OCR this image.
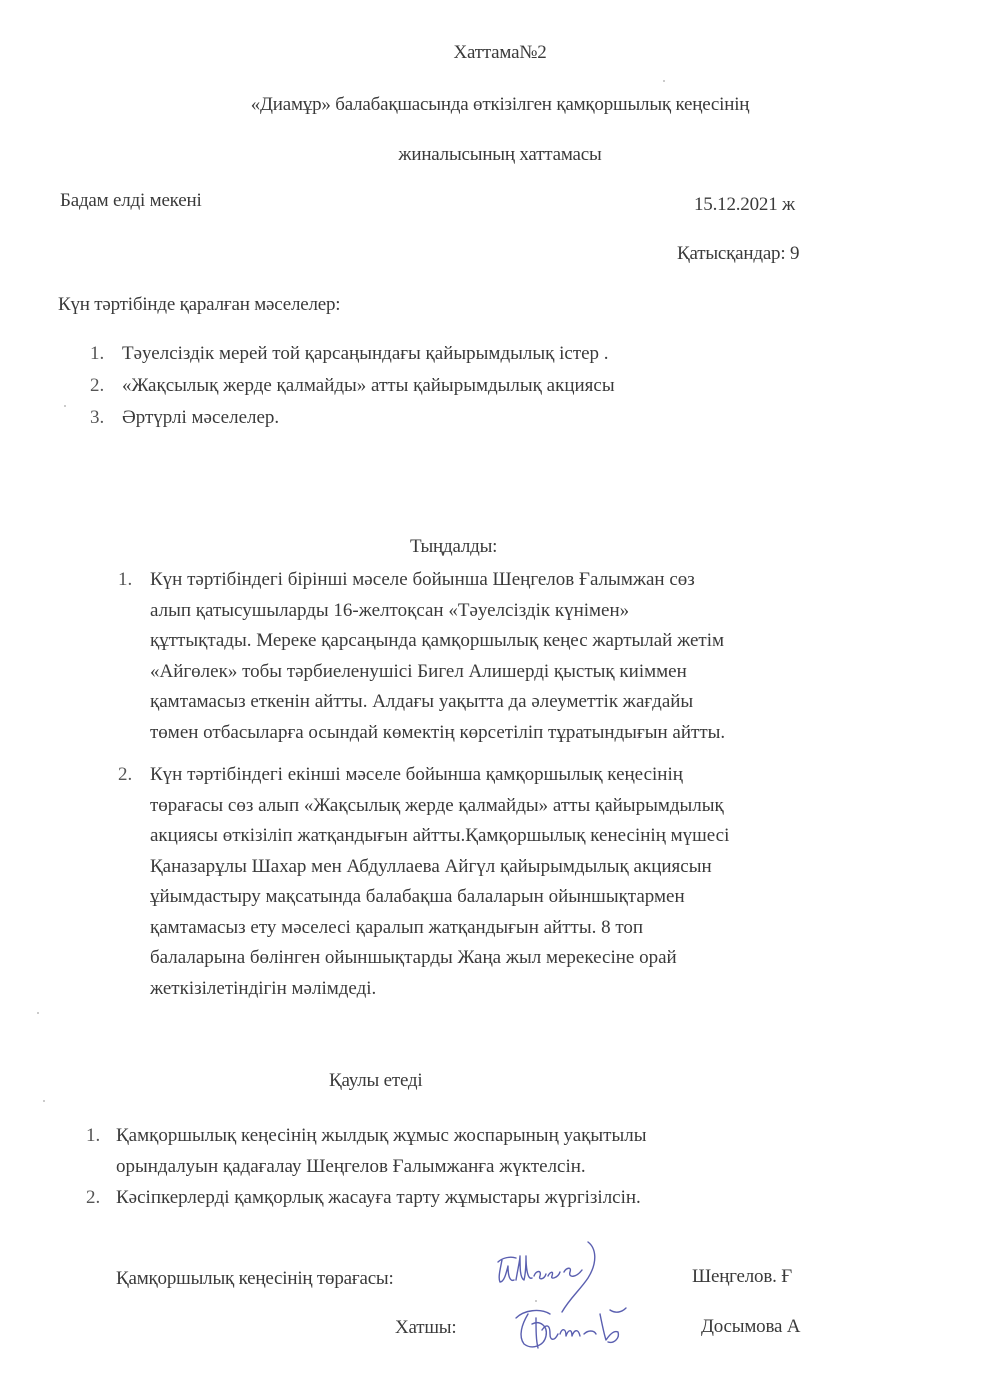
Хаттама№2
«Диамұр» балабақшасында өткізілген қамқоршылық кеңесінің
жиналысының хаттамасы
Бадам елді мекені	15.12.2021 ж
Қатысқандар: 9
Күн тәртібінде қаралған мәселелер:
1. Тәуелсіздік мерей той қарсаңындағы қайырымдылық істер .
2. «Жақсылық жерде қалмайды» атты қайырымдылық акциясы
3. Әртүрлі мәселелер.
Тыңдалды:
1. Күн тәртібіндегі бірінші мәселе бойынша Шеңгелов Ғалымжан сөз
алып қатысушыларды 16-желтоқсан «Тәуелсіздік күнімен»
құттықтады. Мереке қарсаңында қамқоршылық кеңес жартылай жетім
«Айгөлек» тобы тәрбиеленушісі Бигел Алишерді қыстық киіммен
қамтамасыз еткенін айтты. Алдағы уақытта да әлеуметтік жағдайы
төмен отбасыларға осындай көмектің көрсетіліп тұратындығын айтты.
2. Күн тәртібіндегі екінші мәселе бойынша қамқоршылық кеңесінің
төрағасы сөз алып «Жақсылық жерде қалмайды» атты қайырымдылық
акциясы өткізіліп жатқандығын айтты.Қамқоршылық кенесінің мүшесі
Қаназарұлы Шахар мен Абдуллаева Айгүл қайырымдылық акциясын
ұйымдастыру мақсатында балабақша балаларын ойыншықтармен
қамтамасыз ету мәселесі қаралып жатқандығын айтты. 8 топ
балаларына бөлінген ойыншықтарды Жаңа жыл мерекесіне орай
жеткізілетіндігін мәлімдеді.
Қаулы етеді
1. Қамқоршылық кеңесінің жылдық жұмыс жоспарының уақытылы
орындалуын қадағалау Шеңгелов Ғалымжанға жүктелсін.
2. Кәсіпкерлерді қамқорлық жасауға тарту жұмыстары жүргізілсін.
Қамқоршылық кеңесінің төрағасы:	Шеңгелов. Ғ
Хатшы:	Досымова А
